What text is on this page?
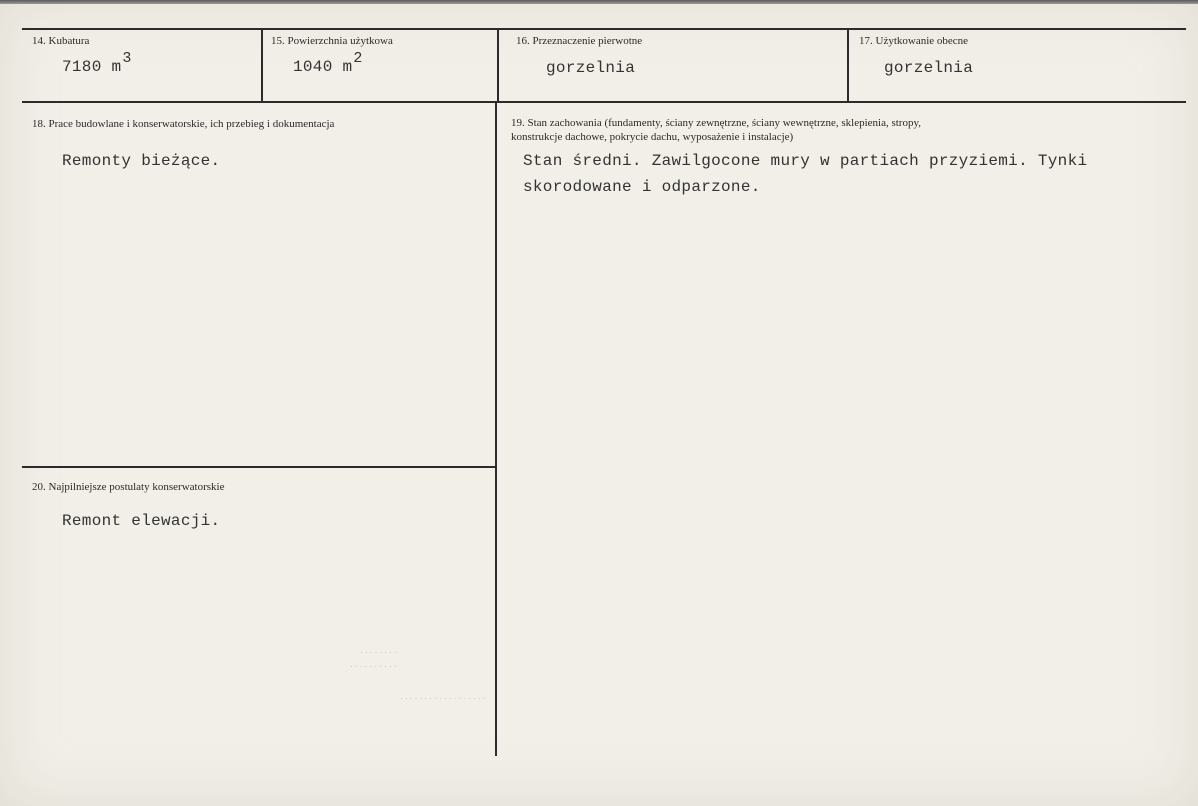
14. Kubatura
7180 m3
15. Powierzchnia użytkowa
1040 m2
16. Przeznaczenie pierwotne
gorzelnia
17. Użytkowanie obecne
gorzelnia
18. Prace budowlane i konserwatorskie, ich przebieg i dokumentacja
Remonty bieżące.
19. Stan zachowania (fundamenty, ściany zewnętrzne, ściany wewnętrzne, sklepienia, stropy,
konstrukcje dachowe, pokrycie dachu, wyposażenie i instalacje)
Stan średni. Zawilgocone mury w partiach przyziemi. Tynki
skorodowane i odparzone.
20. Najpilniejsze postulaty konserwatorskie
Remont elewacji.
· · · · · · · ·
· · · · · · · · · ·
· · · · · · · · · · · · · · · · · ·
